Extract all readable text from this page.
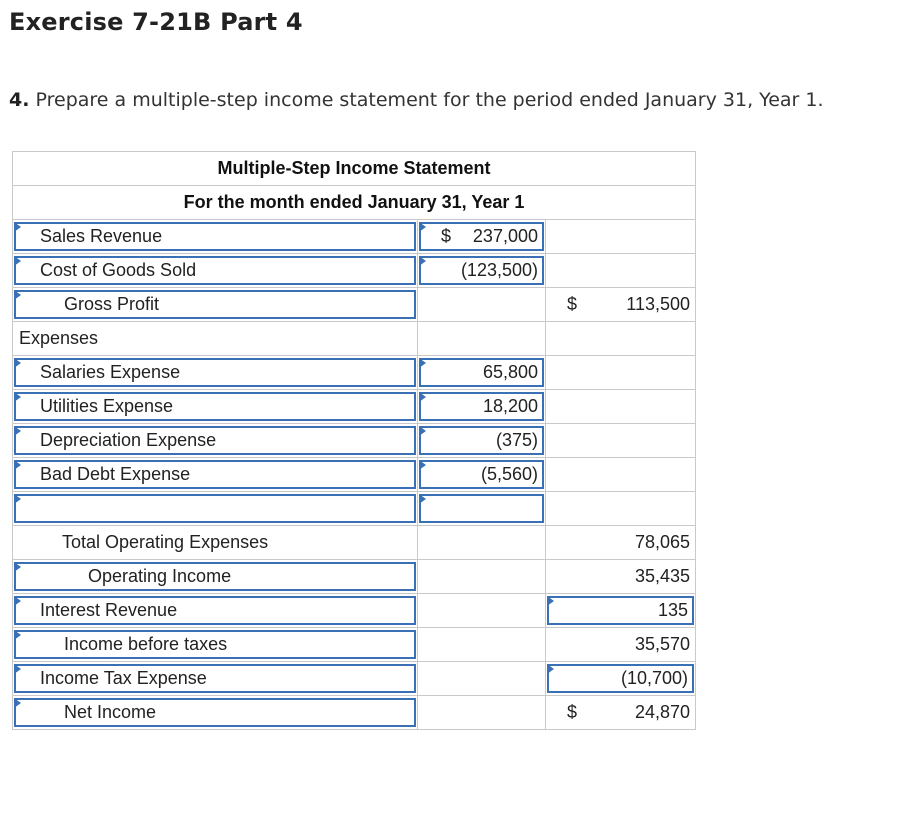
Exercise 7-21B Part 4
4. Prepare a multiple-step income statement for the period ended January 31, Year 1.
Multiple-Step Income Statement		
For the month ended January 31, Year 1		

Sales Revenue	$ 237,000	

Cost of Goods Sold	(123,500)	

Gross Profit		$ 113,500

Expenses		

Salaries Expense	65,800	

Utilities Expense	18,200	

Depreciation Expense	(375)	

Bad Debt Expense	(5,560)	

Total Operating Expenses		78,065

Operating Income		35,435

Interest Revenue		135

Income before taxes		35,570

Income Tax Expense		(10,700)

Net Income		$ 24,870
